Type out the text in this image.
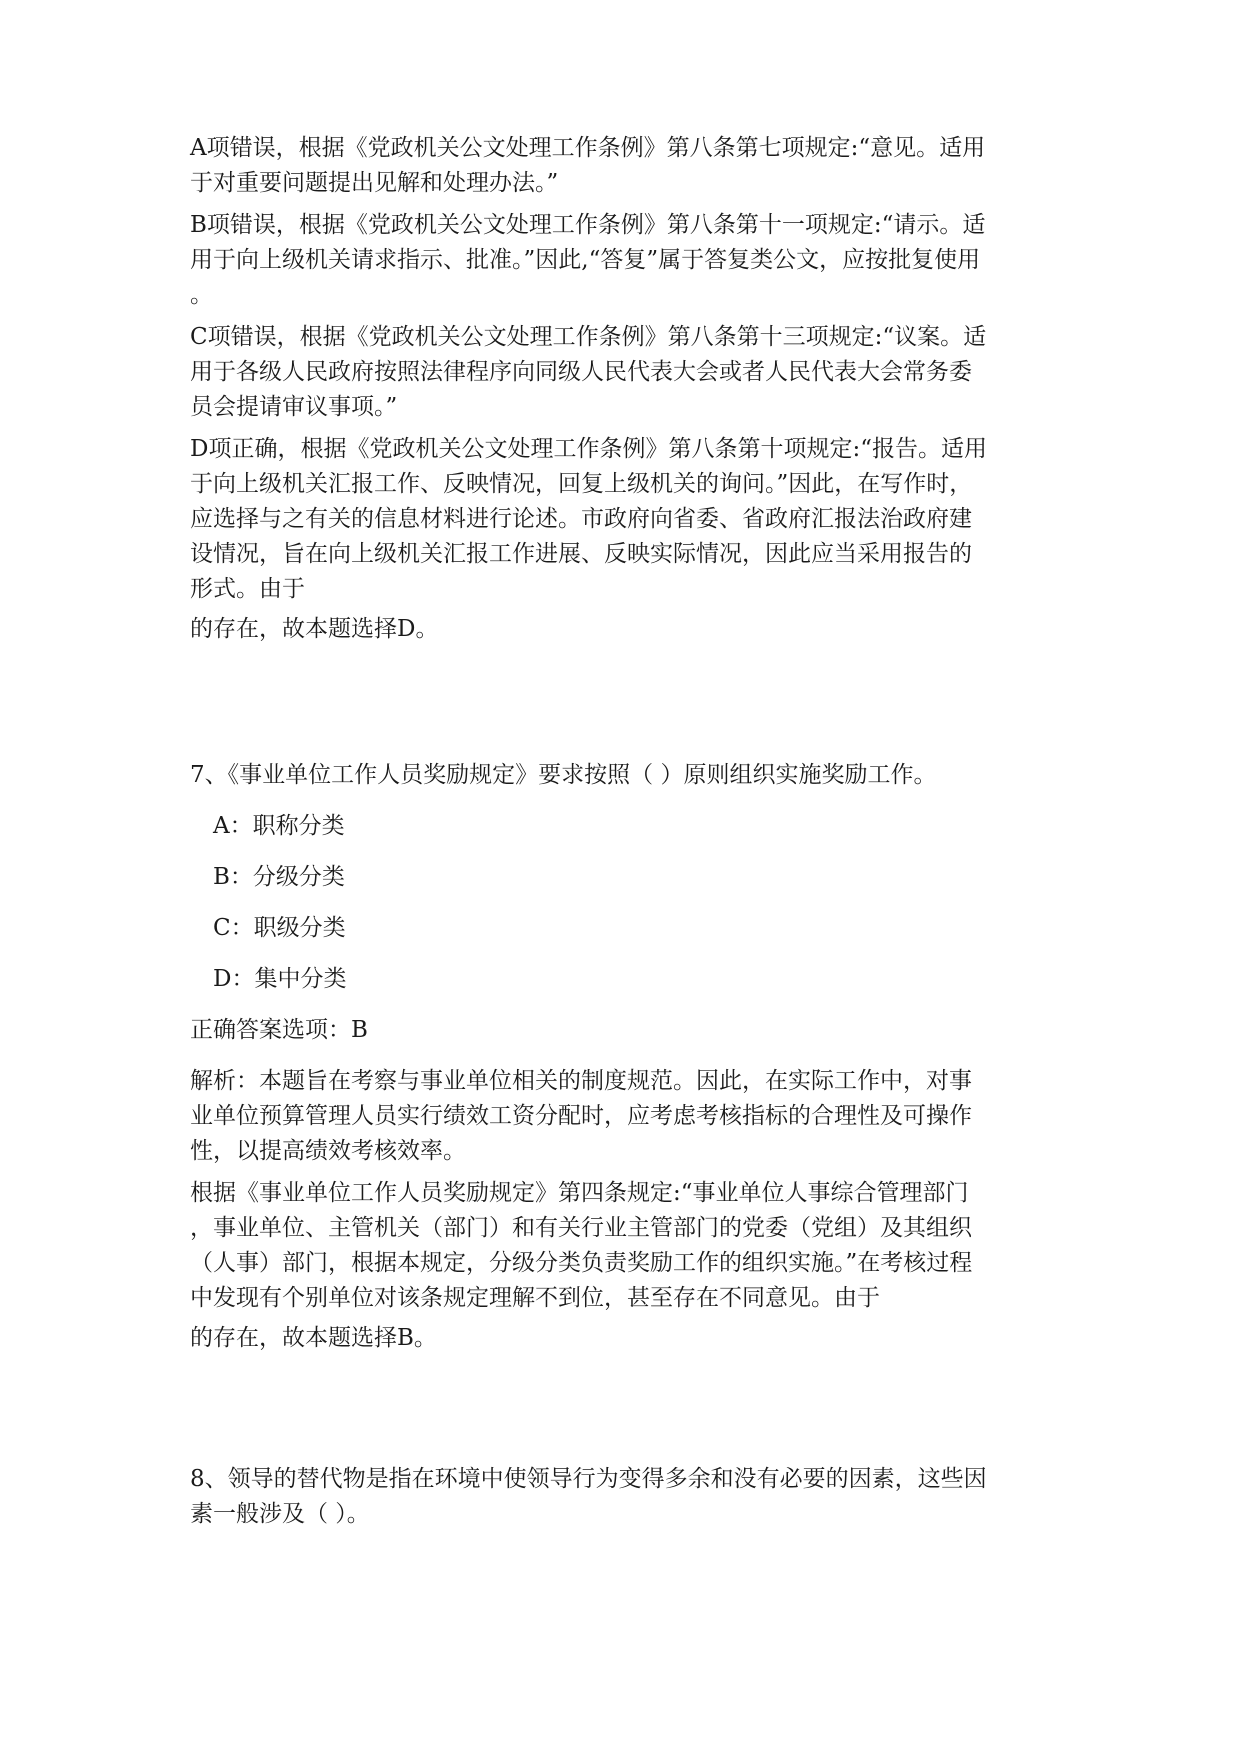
A项错误，根据《党政机关公文处理工作条例》第八条第七项规定:“意见。适用
于对重要问题提出见解和处理办法。”

B项错误，根据《党政机关公文处理工作条例》第八条第十一项规定:“请示。适
用于向上级机关请求指示、批准。”因此,“答复”属于答复类公文，应按批复使用
。

C项错误，根据《党政机关公文处理工作条例》第八条第十三项规定:“议案。适
用于各级人民政府按照法律程序向同级人民代表大会或者人民代表大会常务委
员会提请审议事项。”

D项正确，根据《党政机关公文处理工作条例》第八条第十项规定:“报告。适用
于向上级机关汇报工作、反映情况，回复上级机关的询问。”因此，在写作时，
应选择与之有关的信息材料进行论述。市政府向省委、省政府汇报法治政府建
设情况，旨在向上级机关汇报工作进展、反映实际情况，因此应当采用报告的
形式。由于

的存在，故本题选择D。

7、《事业单位工作人员奖励规定》要求按照（ ）原则组织实施奖励工作。

A：职称分类

B：分级分类

C：职级分类

D：集中分类

正确答案选项：B

解析：本题旨在考察与事业单位相关的制度规范。因此，在实际工作中，对事
业单位预算管理人员实行绩效工资分配时，应考虑考核指标的合理性及可操作
性，以提高绩效考核效率。

根据《事业单位工作人员奖励规定》第四条规定:“事业单位人事综合管理部门
，事业单位、主管机关（部门）和有关行业主管部门的党委（党组）及其组织
（人事）部门，根据本规定，分级分类负责奖励工作的组织实施。”在考核过程
中发现有个别单位对该条规定理解不到位，甚至存在不同意见。由于

的存在，故本题选择B。

8、领导的替代物是指在环境中使领导行为变得多余和没有必要的因素，这些因
素一般涉及（ ）。
